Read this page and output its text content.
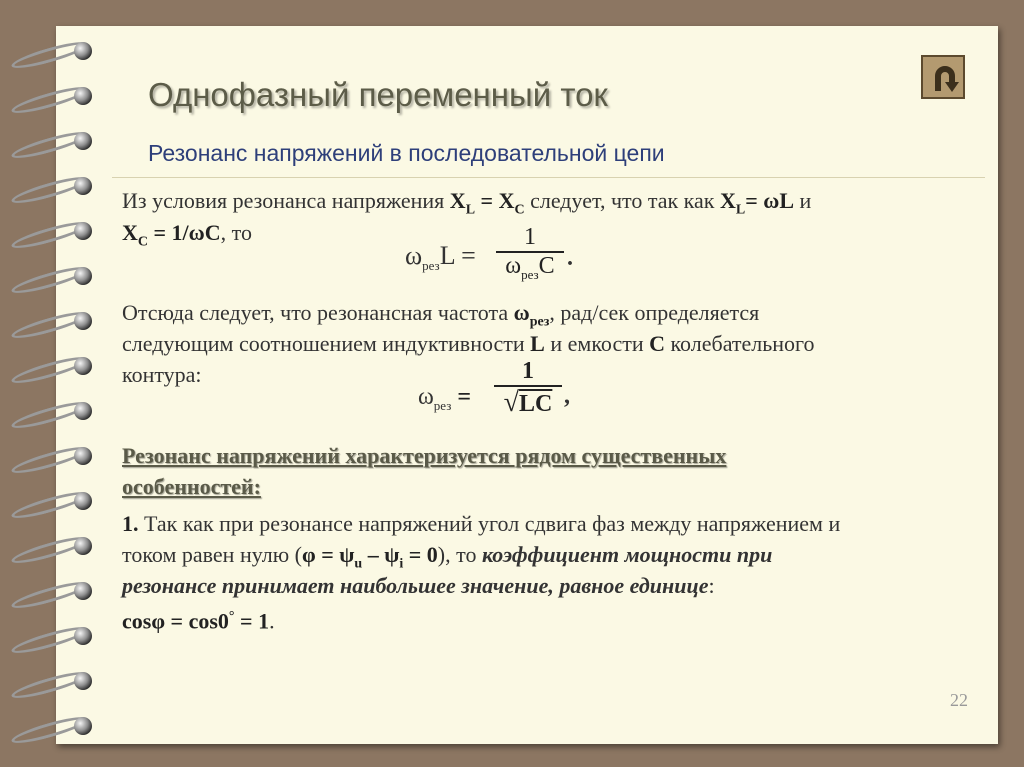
Однофазный переменный ток
Резонанс напряжений в последовательной цепи
Из условия резонанса напряжения $X_L = X_C$ следует, что так как $X_L= \omega L$ и
$X_C = 1/\omega C$, то
$\omega_{рез}L$ =
1
$\omega_{рез}C$ .
Отсюда следует, что резонансная частота $\omega_{рез}$, рад/сек определяется
следующим соотношением индуктивности L и емкости C колебательного
контура:
$\omega_{рез}$ =
1
√LC ,
Резонанс напряжений характеризуется рядом существенных
особенностей:
1. Так как при резонансе напряжений угол сдвига фаз между напряжением и
током равен нулю $(\varphi = \psi_u - \psi_i = 0)$, то коэффициент мощности при
резонансе принимает наибольшее значение, равное единице:
cosφ = cos0° = 1.
22
